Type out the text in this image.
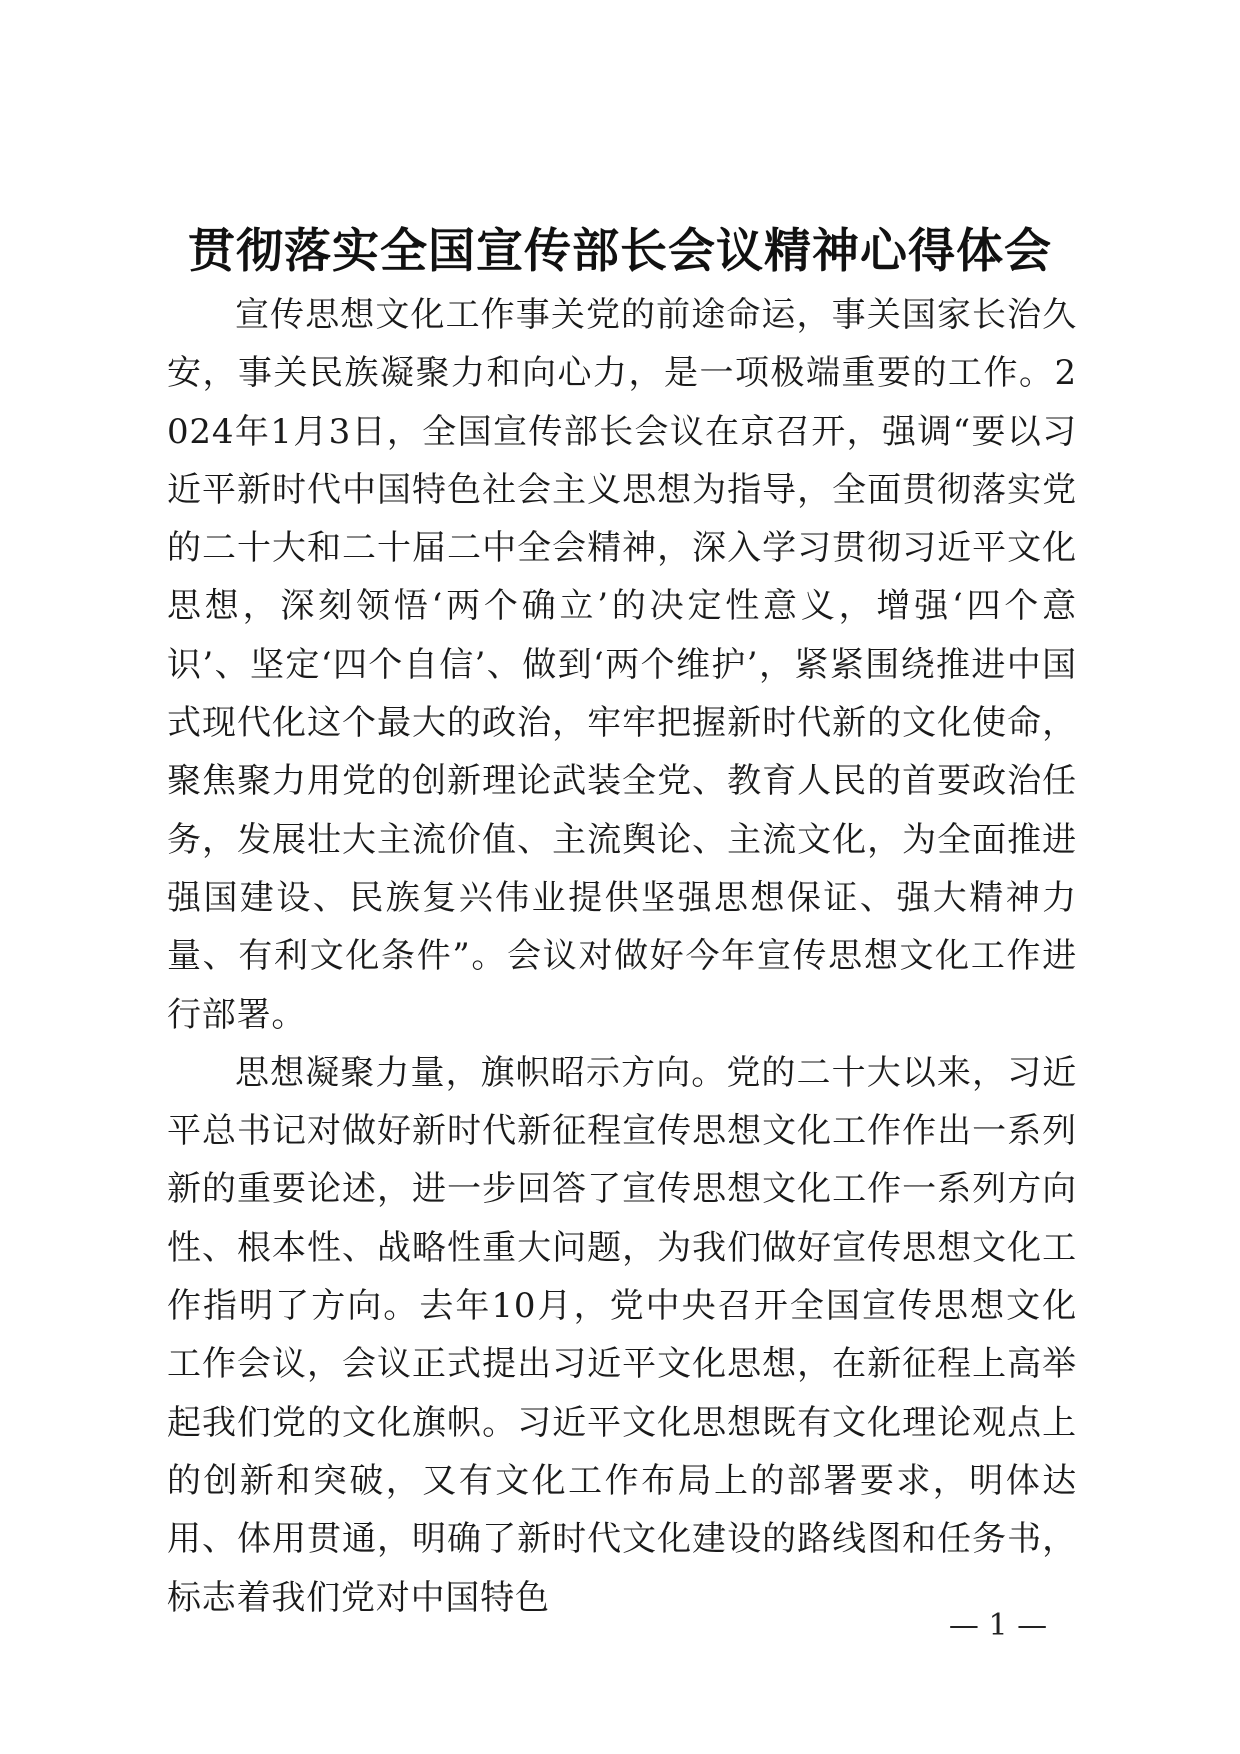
贯彻落实全国宣传部长会议精神心得体会

宣传思想文化工作事关党的前途命运，事关国家长治久安，事关民族凝聚力和向心力，是一项极端重要的工作。2024年1月3日，全国宣传部长会议在京召开，强调“要以习近平新时代中国特色社会主义思想为指导，全面贯彻落实党的二十大和二十届二中全会精神，深入学习贯彻习近平文化思想，深刻领悟‘两个确立’的决定性意义，增强‘四个意识’、坚定‘四个自信’、做到‘两个维护’，紧紧围绕推进中国式现代化这个最大的政治，牢牢把握新时代新的文化使命，聚焦聚力用党的创新理论武装全党、教育人民的首要政治任务，发展壮大主流价值、主流舆论、主流文化，为全面推进强国建设、民族复兴伟业提供坚强思想保证、强大精神力量、有利文化条件”。会议对做好今年宣传思想文化工作进行部署。

思想凝聚力量，旗帜昭示方向。党的二十大以来，习近平总书记对做好新时代新征程宣传思想文化工作作出一系列新的重要论述，进一步回答了宣传思想文化工作一系列方向性、根本性、战略性重大问题，为我们做好宣传思想文化工作指明了方向。去年10月，党中央召开全国宣传思想文化工作会议，会议正式提出习近平文化思想，在新征程上高举起我们党的文化旗帜。习近平文化思想既有文化理论观点上的创新和突破，又有文化工作布局上的部署要求，明体达用、体用贯通，明确了新时代文化建设的路线图和任务书，标志着我们党对中国特色

— 1 —
